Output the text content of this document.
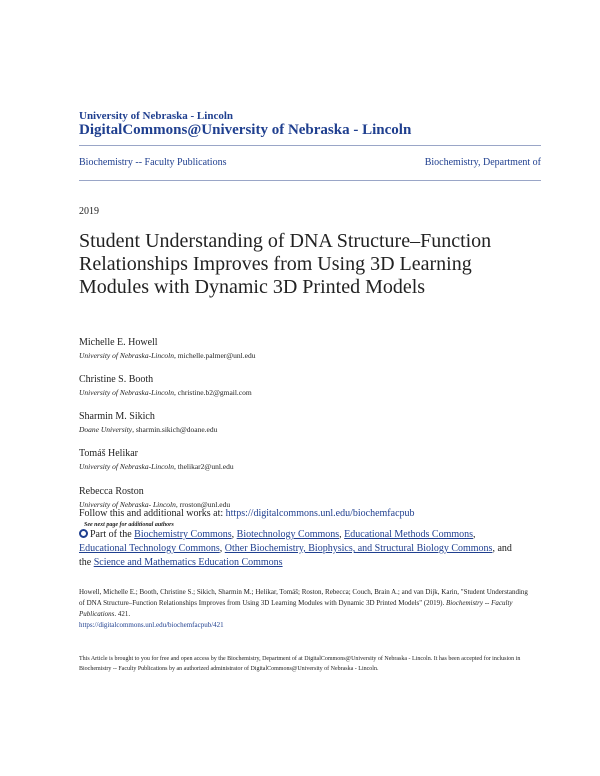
University of Nebraska - Lincoln
DigitalCommons@University of Nebraska - Lincoln
Biochemistry -- Faculty Publications	Biochemistry, Department of
2019
Student Understanding of DNA Structure–Function Relationships Improves from Using 3D Learning Modules with Dynamic 3D Printed Models
Michelle E. Howell
University of Nebraska-Lincoln, michelle.palmer@unl.edu
Christine S. Booth
University of Nebraska-Lincoln, christine.b2@gmail.com
Sharmin M. Sikich
Doane University, sharmin.sikich@doane.edu
Tomáš Helikar
University of Nebraska-Lincoln, thelikar2@unl.edu
Rebecca Roston
University of Nebraska- Lincoln, rroston@unl.edu
Follow this and additional works at: https://digitalcommons.unl.edu/biochemfacpub
See next page for additional authors
Part of the Biochemistry Commons, Biotechnology Commons, Educational Methods Commons, Educational Technology Commons, Other Biochemistry, Biophysics, and Structural Biology Commons, and the Science and Mathematics Education Commons
Howell, Michelle E.; Booth, Christine S.; Sikich, Sharmin M.; Helikar, Tomáš; Roston, Rebecca; Couch, Brain A.; and van Dijk, Karin, "Student Understanding of DNA Structure–Function Relationships Improves from Using 3D Learning Modules with Dynamic 3D Printed Models" (2019). Biochemistry -- Faculty Publications. 421.
https://digitalcommons.unl.edu/biochemfacpub/421
This Article is brought to you for free and open access by the Biochemistry, Department of at DigitalCommons@University of Nebraska - Lincoln. It has been accepted for inclusion in Biochemistry -- Faculty Publications by an authorized administrator of DigitalCommons@University of Nebraska - Lincoln.
